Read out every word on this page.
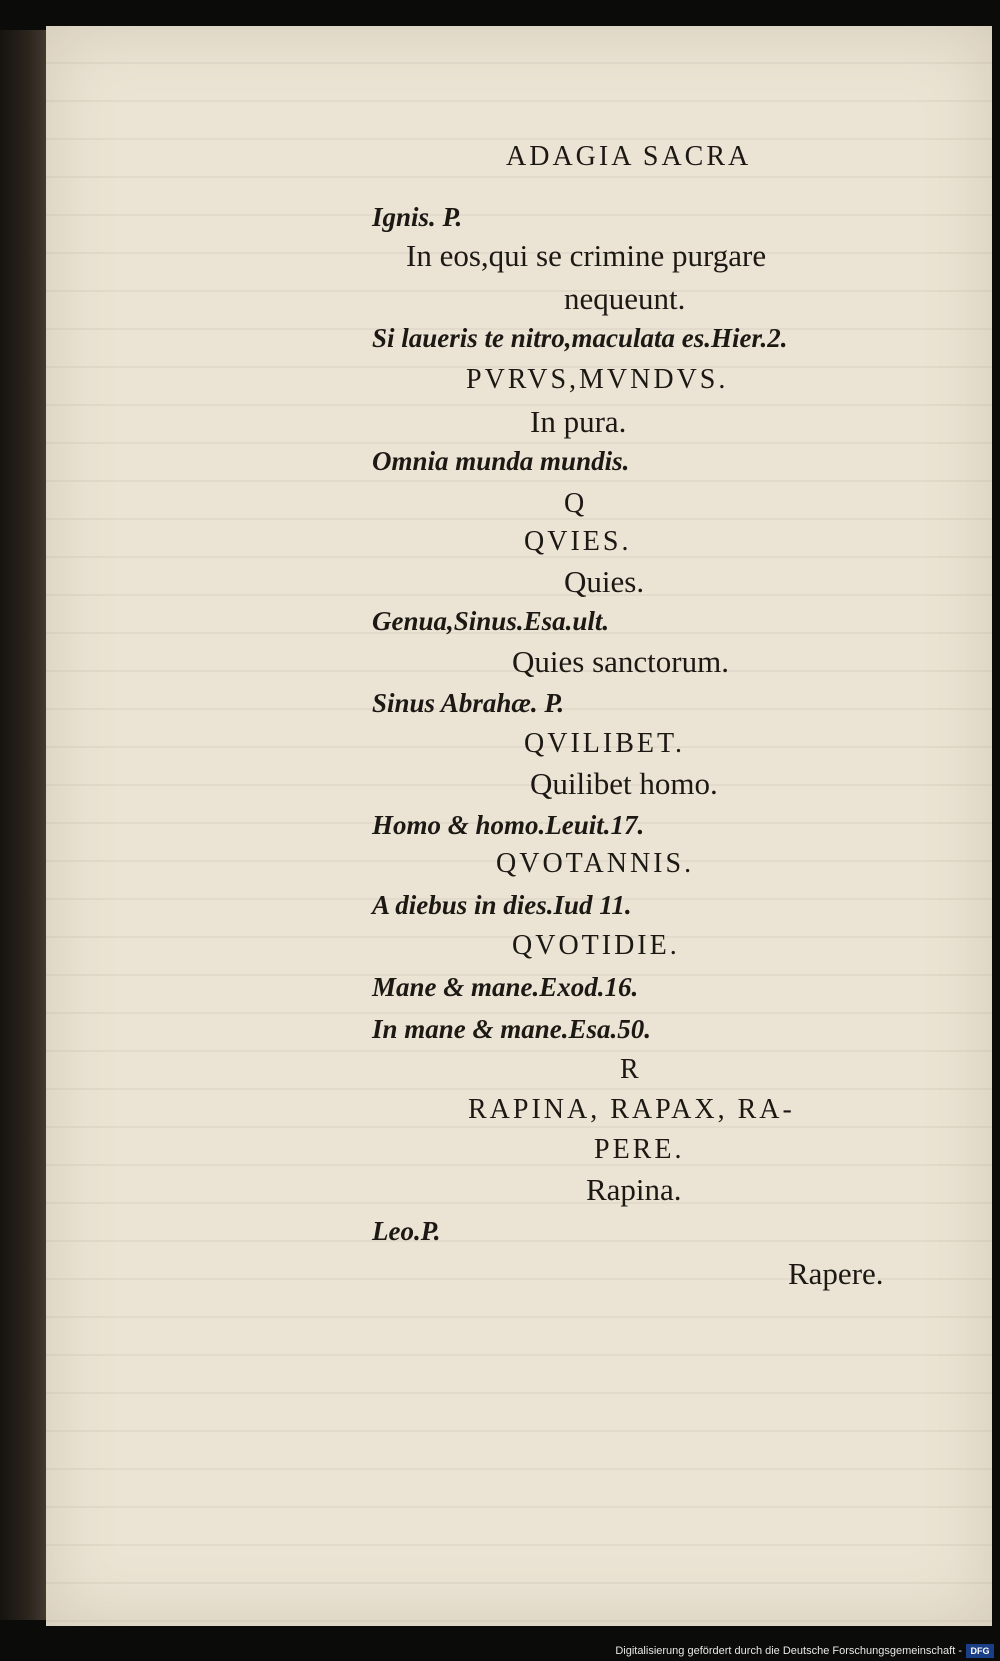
ADAGIA SACRA
Ignis. P.
In eos,qui se crimine purgare
nequeunt.
Si laueris te nitro,maculata es.Hier.2.
PVRVS,MVNDVS.
In pura.
Omnia munda mundis.
Q
QVIES.
Quies.
Genua,Sinus.Esa.ult.
Quies sanctorum.
Sinus Abrahæ. P.
QVILIBET.
Quilibet homo.
Homo & homo.Leuit.17.
QVOTANNIS.
A diebus in dies.Iud 11.
QVOTIDIE.
Mane & mane.Exod.16.
In mane & mane.Esa.50.
R
RAPINA, RAPAX, RA-
PERE.
Rapina.
Leo.P.
Rapere.
Digitalisierung gefördert durch die Deutsche Forschungsgemeinschaft - DFG
